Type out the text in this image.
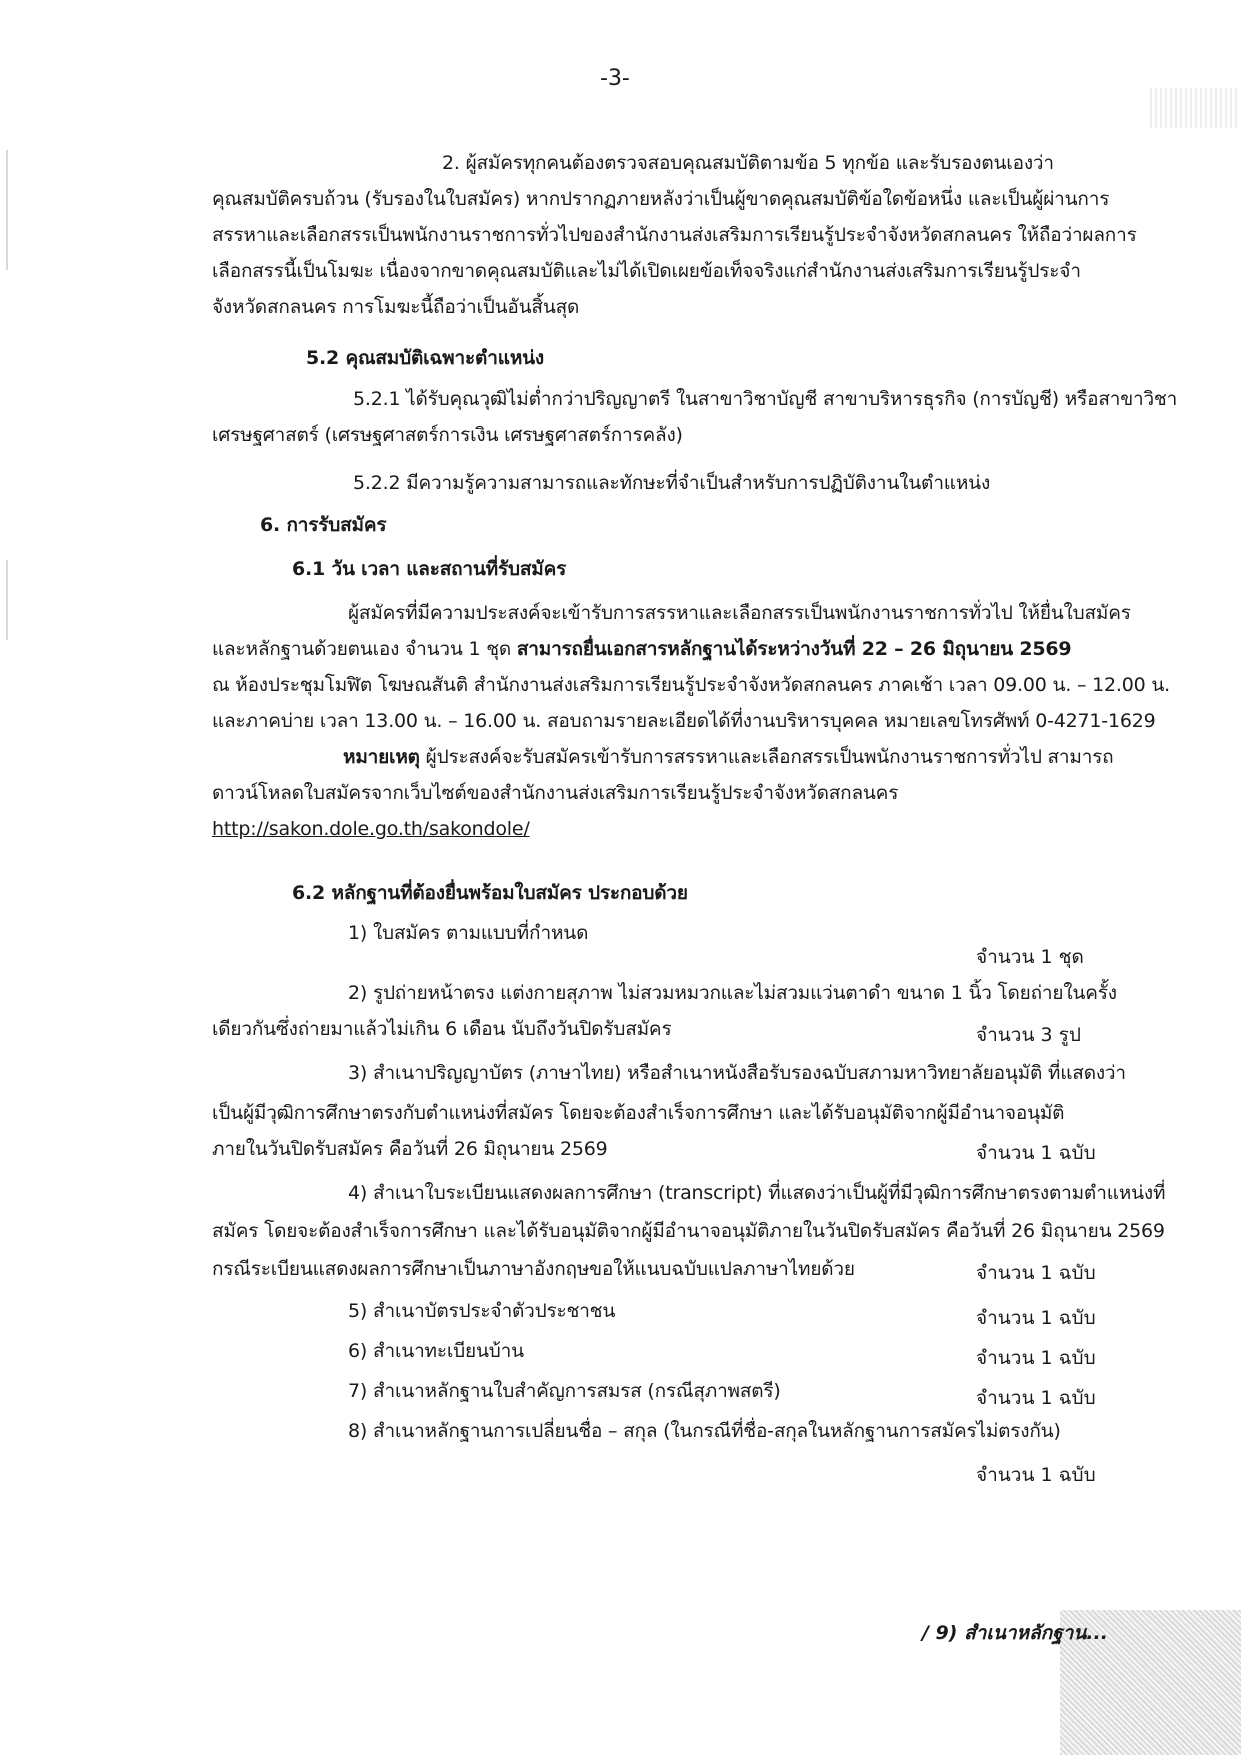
-3-
2. ผู้สมัครทุกคนต้องตรวจสอบคุณสมบัติตามข้อ 5 ทุกข้อ และรับรองตนเองว่า
คุณสมบัติครบถ้วน (รับรองในใบสมัคร) หากปรากฏภายหลังว่าเป็นผู้ขาดคุณสมบัติข้อใดข้อหนึ่ง และเป็นผู้ผ่านการ
สรรหาและเลือกสรรเป็นพนักงานราชการทั่วไปของสำนักงานส่งเสริมการเรียนรู้ประจำจังหวัดสกลนคร ให้ถือว่าผลการ
เลือกสรรนี้เป็นโมฆะ เนื่องจากขาดคุณสมบัติและไม่ได้เปิดเผยข้อเท็จจริงแก่สำนักงานส่งเสริมการเรียนรู้ประจำ
จังหวัดสกลนคร การโมฆะนี้ถือว่าเป็นอันสิ้นสุด
5.2 คุณสมบัติเฉพาะตำแหน่ง
5.2.1 ได้รับคุณวุฒิไม่ต่ำกว่าปริญญาตรี ในสาขาวิชาบัญชี สาขาบริหารธุรกิจ (การบัญชี) หรือสาขาวิชา
เศรษฐศาสตร์ (เศรษฐศาสตร์การเงิน เศรษฐศาสตร์การคลัง)
5.2.2 มีความรู้ความสามารถและทักษะที่จำเป็นสำหรับการปฏิบัติงานในตำแหน่ง
6. การรับสมัคร
6.1 วัน เวลา และสถานที่รับสมัคร
ผู้สมัครที่มีความประสงค์จะเข้ารับการสรรหาและเลือกสรรเป็นพนักงานราชการทั่วไป ให้ยื่นใบสมัคร
และหลักฐานด้วยตนเอง จำนวน 1 ชุด สามารถยื่นเอกสารหลักฐานได้ระหว่างวันที่ 22 – 26 มิถุนายน 2569
ณ ห้องประชุมโมฬิต โฆษณสันติ สำนักงานส่งเสริมการเรียนรู้ประจำจังหวัดสกลนคร ภาคเช้า เวลา 09.00 น. – 12.00 น.
และภาคบ่าย เวลา 13.00 น. – 16.00 น. สอบถามรายละเอียดได้ที่งานบริหารบุคคล หมายเลขโทรศัพท์ 0-4271-1629
หมายเหตุ ผู้ประสงค์จะรับสมัครเข้ารับการสรรหาและเลือกสรรเป็นพนักงานราชการทั่วไป สามารถ
ดาวน์โหลดใบสมัครจากเว็บไซต์ของสำนักงานส่งเสริมการเรียนรู้ประจำจังหวัดสกลนคร
http://sakon.dole.go.th/sakondole/
6.2 หลักฐานที่ต้องยื่นพร้อมใบสมัคร ประกอบด้วย
1) ใบสมัคร ตามแบบที่กำหนด
จำนวน 1 ชุด
2) รูปถ่ายหน้าตรง แต่งกายสุภาพ ไม่สวมหมวกและไม่สวมแว่นตาดำ ขนาด 1 นิ้ว โดยถ่ายในครั้ง
เดียวกันซึ่งถ่ายมาแล้วไม่เกิน 6 เดือน นับถึงวันปิดรับสมัคร	จำนวน 3 รูป
3) สำเนาปริญญาบัตร (ภาษาไทย) หรือสำเนาหนังสือรับรองฉบับสภามหาวิทยาลัยอนุมัติ ที่แสดงว่า
เป็นผู้มีวุฒิการศึกษาตรงกับตำแหน่งที่สมัคร โดยจะต้องสำเร็จการศึกษา และได้รับอนุมัติจากผู้มีอำนาจอนุมัติ
ภายในวันปิดรับสมัคร คือวันที่ 26 มิถุนายน 2569	จำนวน 1 ฉบับ
4) สำเนาใบระเบียนแสดงผลการศึกษา (transcript) ที่แสดงว่าเป็นผู้ที่มีวุฒิการศึกษาตรงตามตำแหน่งที่
สมัคร โดยจะต้องสำเร็จการศึกษา และได้รับอนุมัติจากผู้มีอำนาจอนุมัติภายในวันปิดรับสมัคร คือวันที่ 26 มิถุนายน 2569
กรณีระเบียนแสดงผลการศึกษาเป็นภาษาอังกฤษขอให้แนบฉบับแปลภาษาไทยด้วย	จำนวน 1 ฉบับ
5) สำเนาบัตรประจำตัวประชาชน	จำนวน 1 ฉบับ
6) สำเนาทะเบียนบ้าน	จำนวน 1 ฉบับ
7) สำเนาหลักฐานใบสำคัญการสมรส (กรณีสุภาพสตรี)	จำนวน 1 ฉบับ
8) สำเนาหลักฐานการเปลี่ยนชื่อ – สกุล (ในกรณีที่ชื่อ-สกุลในหลักฐานการสมัครไม่ตรงกัน)
จำนวน 1 ฉบับ
/ 9) สำเนาหลักฐาน...
